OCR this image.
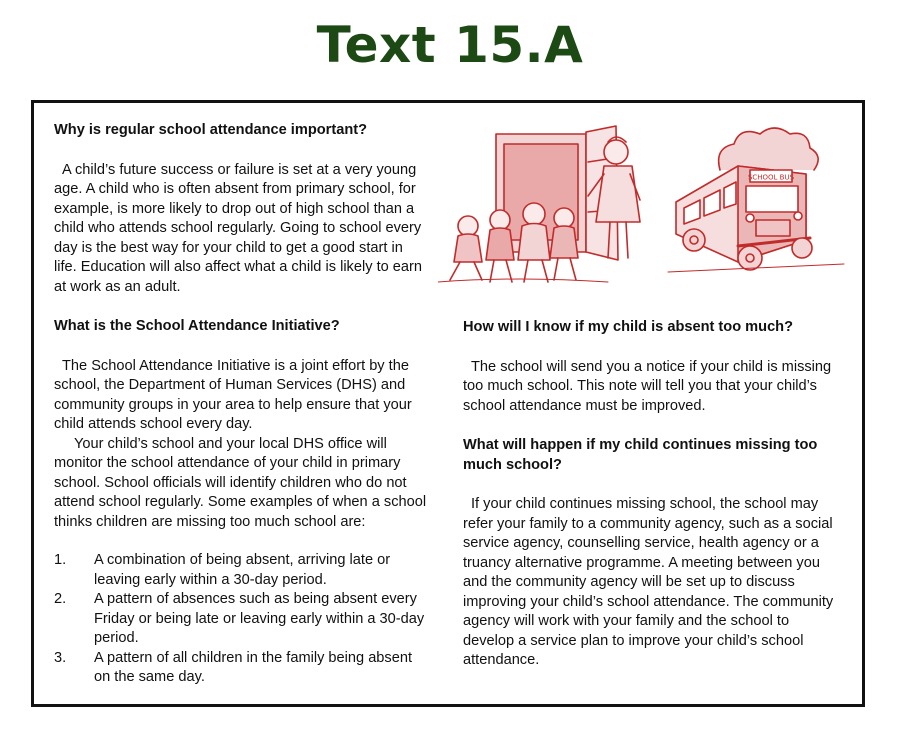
Text 15.A

Why is regular school attendance important?

A child’s future success or failure is set at a very young age. A child who is often absent from primary school, for example, is more likely to drop out of high school than a child who attends school regularly. Going to school every day is the best way for your child to get a good start in life. Education will also affect what a child is likely to earn at work as an adult.

What is the School Attendance Initiative?

The School Attendance Initiative is a joint effort by the school, the Department of Human Services (DHS) and community groups in your area to help ensure that your child attends school every day.

Your child’s school and your local DHS office will monitor the school attendance of your child in primary school. School officials will identify children who do not attend school regularly. Some examples of when a school thinks children are missing too much school are:

1. A combination of being absent, arriving late or leaving early within a 30-day period.
2. A pattern of absences such as being absent every Friday or being late or leaving early within a 30-day period.
3. A pattern of all children in the family being absent on the same day.
SCHOOL BUS

How will I know if my child is absent too much?

The school will send you a notice if your child is missing too much school. This note will tell you that your child’s school attendance must be improved.

What will happen if my child continues missing too much school?

If your child continues missing school, the school may refer your family to a community agency, such as a social service agency, counselling service, health agency or a truancy alternative programme. A meeting between you and the community agency will be set up to discuss improving your child’s school attendance. The community agency will work with your family and the school to develop a service plan to improve your child’s school attendance.
